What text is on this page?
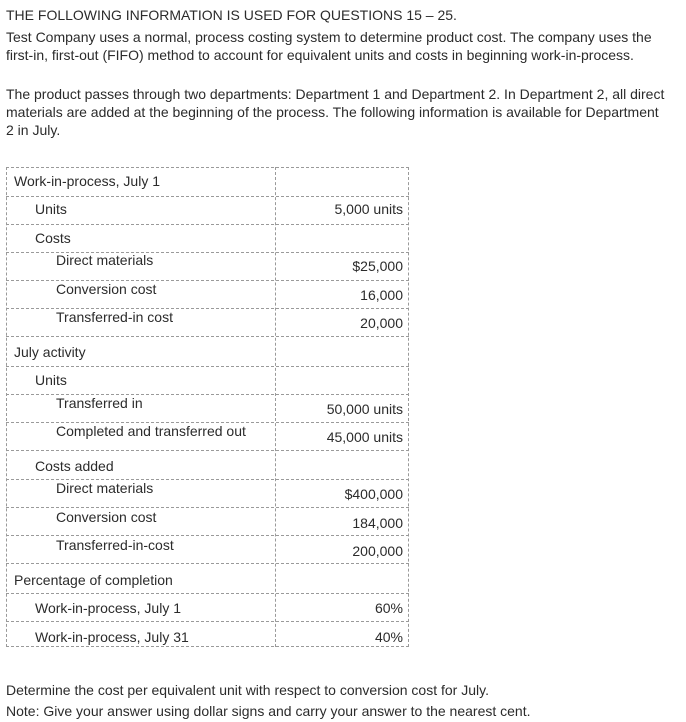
THE FOLLOWING INFORMATION IS USED FOR QUESTIONS 15 – 25.

Test Company uses a normal, process costing system to determine product cost. The company uses the first-in, first-out (FIFO) method to account for equivalent units and costs in beginning work-in-process.

The product passes through two departments: Department 1 and Department 2. In Department 2, all direct materials are added at the beginning of the process. The following information is available for Department 2 in July.

Work-in-process, July 1
Units	5,000 units
Costs
Direct materials	$25,000
Conversion cost	16,000
Transferred-in cost	20,000
July activity
Units
Transferred in	50,000 units
Completed and transferred out	45,000 units
Costs added
Direct materials	$400,000
Conversion cost	184,000
Transferred-in-cost	200,000
Percentage of completion
Work-in-process, July 1	60%
Work-in-process, July 31	40%

Determine the cost per equivalent unit with respect to conversion cost for July.

Note: Give your answer using dollar signs and carry your answer to the nearest cent.
